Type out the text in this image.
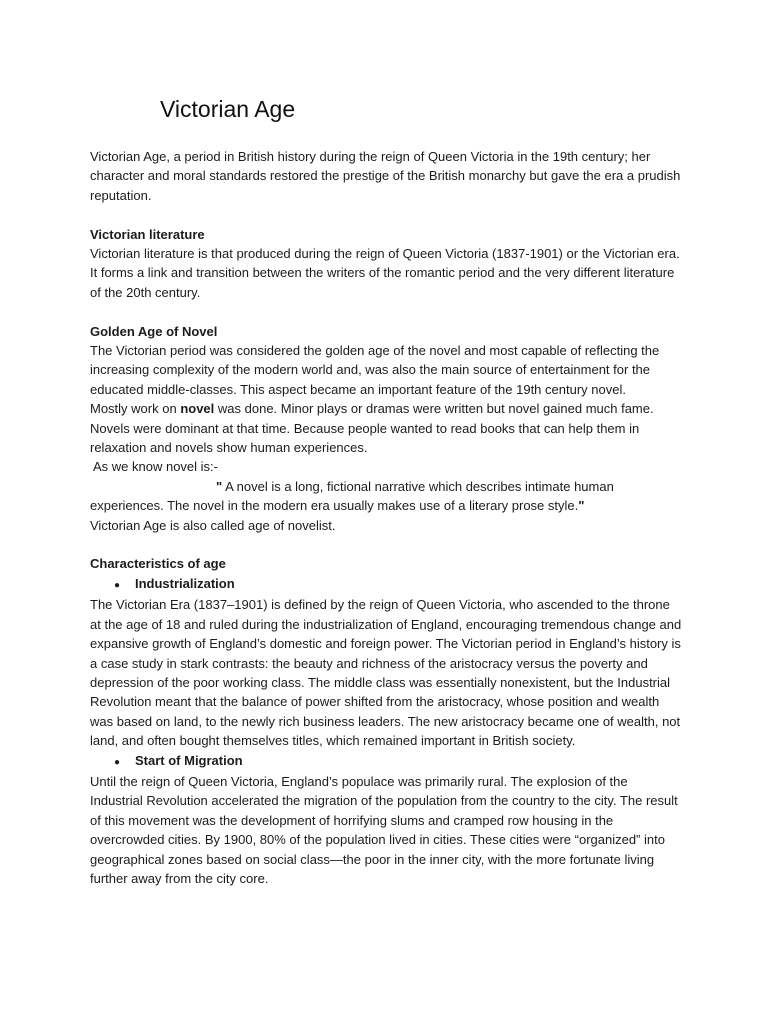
Victorian Age

Victorian Age, a period in British history during the reign of Queen Victoria in the 19th century; her character and moral standards restored the prestige of the British monarchy but gave the era a prudish reputation.

Victorian literature

Victorian literature is that produced during the reign of Queen Victoria (1837-1901) or the Victorian era. It forms a link and transition between the writers of the romantic period and the very different literature of the 20th century.

Golden Age of Novel

The Victorian period was considered the golden age of the novel and most capable of reflecting the increasing complexity of the modern world and, was also the main source of entertainment for the educated middle-classes. This aspect became an important feature of the 19th century novel.

Mostly work on novel was done. Minor plays or dramas were written but novel gained much fame. Novels were dominant at that time. Because people wanted to read books that can help them in relaxation and novels show human experiences.

As we know novel is:-

" A novel is a long, fictional narrative which describes intimate human experiences. The novel in the modern era usually makes use of a literary prose style."

Victorian Age is also called age of novelist.

Characteristics of age

●	Industrialization

The Victorian Era (1837–1901) is defined by the reign of Queen Victoria, who ascended to the throne at the age of 18 and ruled during the industrialization of England, encouraging tremendous change and expansive growth of England’s domestic and foreign power. The Victorian period in England’s history is a case study in stark contrasts: the beauty and richness of the aristocracy versus the poverty and depression of the poor working class. The middle class was essentially nonexistent, but the Industrial Revolution meant that the balance of power shifted from the aristocracy, whose position and wealth was based on land, to the newly rich business leaders. The new aristocracy became one of wealth, not land, and often bought themselves titles, which remained important in British society.

●	Start of Migration

Until the reign of Queen Victoria, England’s populace was primarily rural. The explosion of the Industrial Revolution accelerated the migration of the population from the country to the city. The result of this movement was the development of horrifying slums and cramped row housing in the overcrowded cities. By 1900, 80% of the population lived in cities. These cities were “organized” into geographical zones based on social class—the poor in the inner city, with the more fortunate living further away from the city core.
